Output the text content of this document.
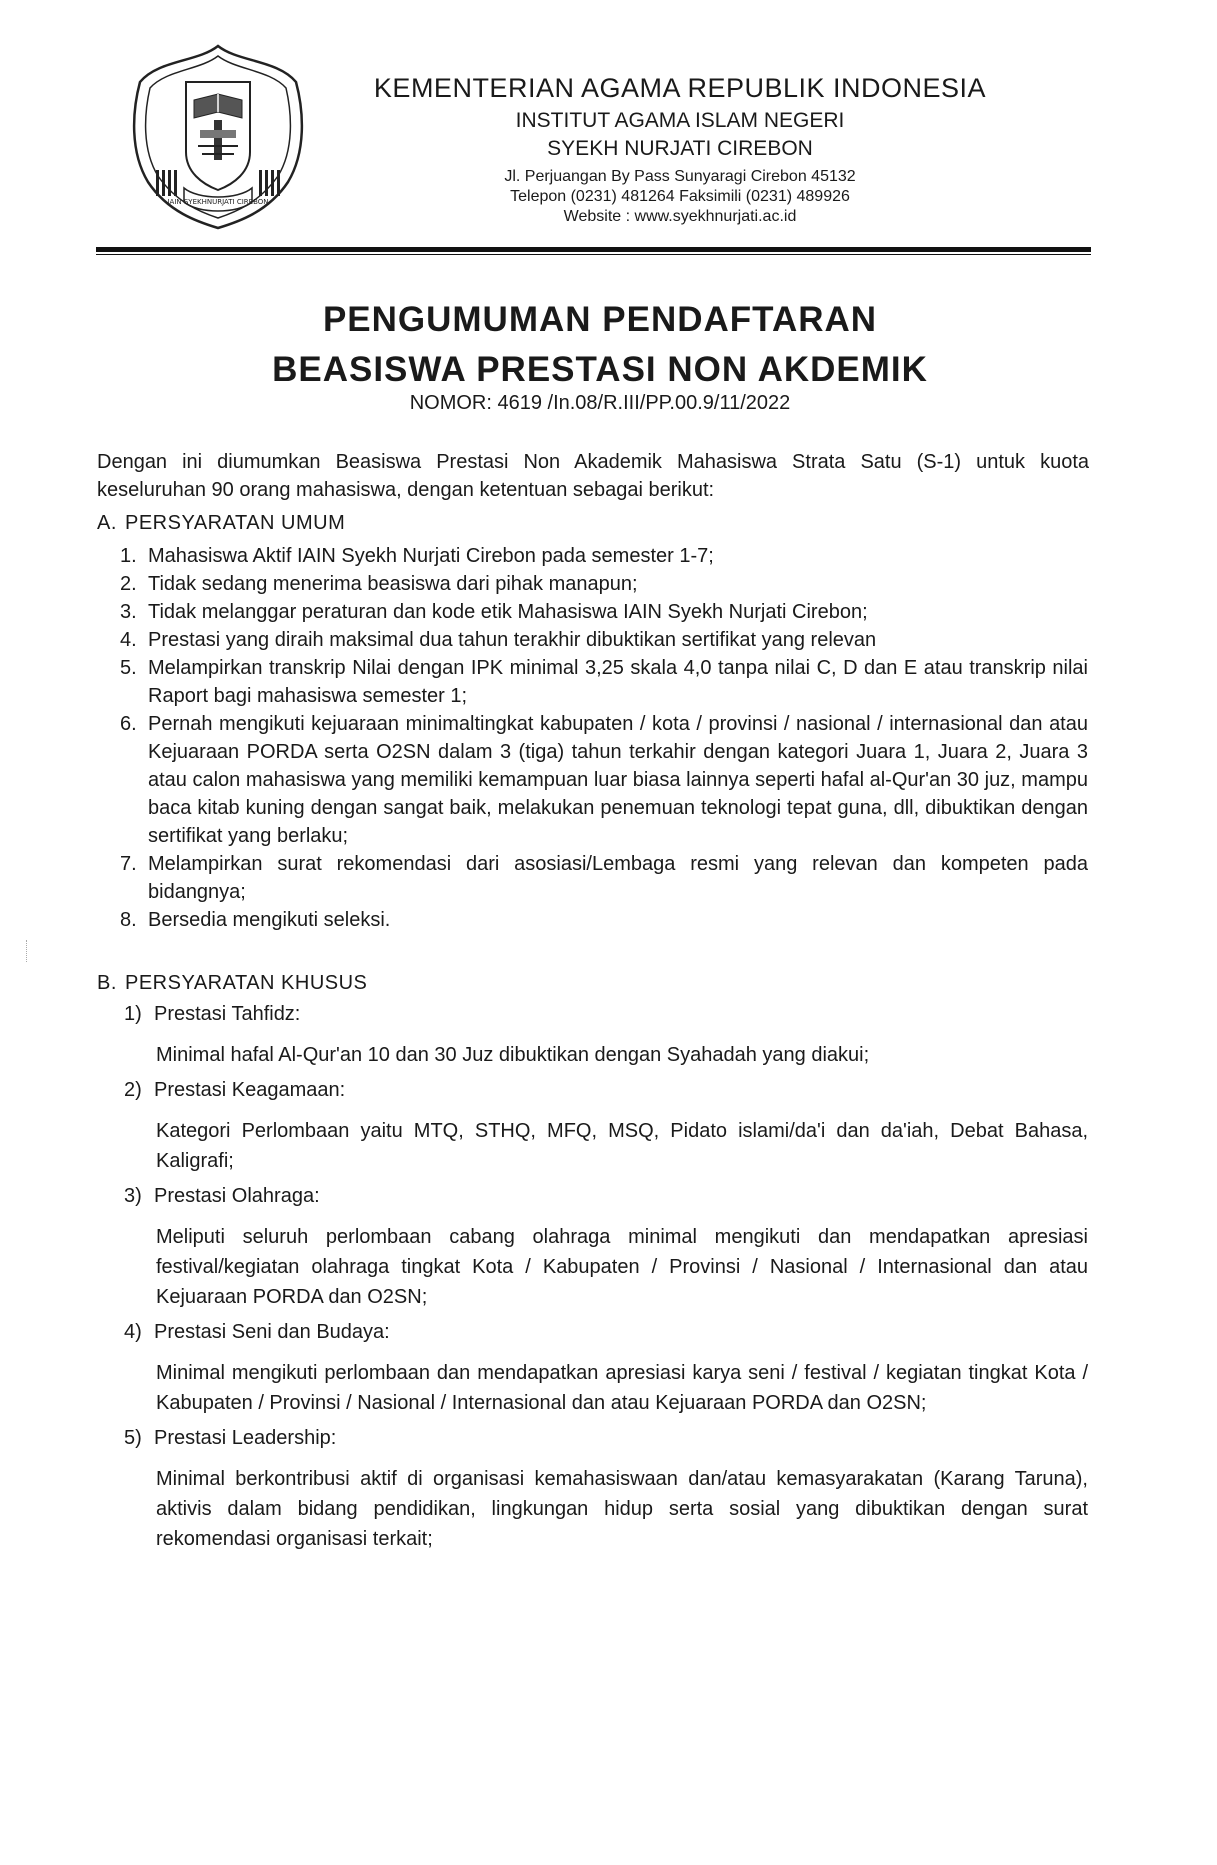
IAIN SYEKHNURJATI CIREBON
KEMENTERIAN AGAMA REPUBLIK INDONESIA
INSTITUT AGAMA ISLAM NEGERI
SYEKH NURJATI CIREBON
Jl. Perjuangan By Pass Sunyaragi Cirebon 45132
Telepon (0231) 481264 Faksimili (0231) 489926
Website : www.syekhnurjati.ac.id
PENGUMUMAN PENDAFTARAN
BEASISWA PRESTASI NON AKDEMIK
NOMOR: 4619 /In.08/R.III/PP.00.9/11/2022
Dengan ini diumumkan Beasiswa Prestasi Non Akademik Mahasiswa Strata Satu (S-1) untuk kuota keseluruhan 90 orang mahasiswa, dengan ketentuan sebagai berikut:
A. PERSYARATAN UMUM
1. Mahasiswa Aktif IAIN Syekh Nurjati Cirebon pada semester 1-7;
2. Tidak sedang menerima beasiswa dari pihak manapun;
3. Tidak melanggar peraturan dan kode etik Mahasiswa IAIN Syekh Nurjati Cirebon;
4. Prestasi yang diraih maksimal dua tahun terakhir dibuktikan sertifikat yang relevan
5. Melampirkan transkrip Nilai dengan IPK minimal 3,25 skala 4,0 tanpa nilai C, D dan E atau transkrip nilai Raport bagi mahasiswa semester 1;
6. Pernah mengikuti kejuaraan minimaltingkat kabupaten / kota / provinsi / nasional / internasional dan atau Kejuaraan PORDA serta O2SN dalam 3 (tiga) tahun terkahir dengan kategori Juara 1, Juara 2, Juara 3 atau calon mahasiswa yang memiliki kemampuan luar biasa lainnya seperti hafal al-Qur'an 30 juz, mampu baca kitab kuning dengan sangat baik, melakukan penemuan teknologi tepat guna, dll, dibuktikan dengan sertifikat yang berlaku;
7. Melampirkan surat rekomendasi dari asosiasi/Lembaga resmi yang relevan dan kompeten pada bidangnya;
8. Bersedia mengikuti seleksi.
B. PERSYARATAN KHUSUS
1) Prestasi Tahfidz:
Minimal hafal Al-Qur'an 10 dan 30 Juz dibuktikan dengan Syahadah yang diakui;
2) Prestasi Keagamaan:
Kategori Perlombaan yaitu MTQ, STHQ, MFQ, MSQ, Pidato islami/da'i dan da'iah, Debat Bahasa, Kaligrafi;
3) Prestasi Olahraga:
Meliputi seluruh perlombaan cabang olahraga minimal mengikuti dan mendapatkan apresiasi festival/kegiatan olahraga tingkat Kota / Kabupaten / Provinsi / Nasional / Internasional dan atau Kejuaraan PORDA dan O2SN;
4) Prestasi Seni dan Budaya:
Minimal mengikuti perlombaan dan mendapatkan apresiasi karya seni / festival / kegiatan tingkat Kota / Kabupaten / Provinsi / Nasional / Internasional dan atau Kejuaraan PORDA dan O2SN;
5) Prestasi Leadership:
Minimal berkontribusi aktif di organisasi kemahasiswaan dan/atau kemasyarakatan (Karang Taruna), aktivis dalam bidang pendidikan, lingkungan hidup serta sosial yang dibuktikan dengan surat rekomendasi organisasi terkait;
